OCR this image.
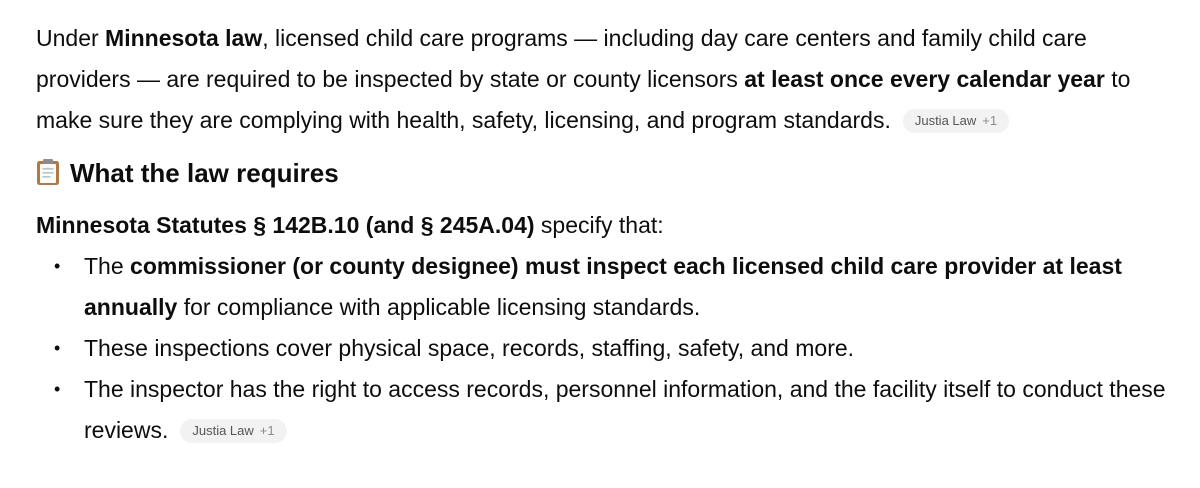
Under Minnesota law, licensed child care programs — including day care centers and family child care providers — are required to be inspected by state or county licensors at least once every calendar year to make sure they are complying with health, safety, licensing, and program standards. Justia Law +1

What the law requires

Minnesota Statutes § 142B.10 (and § 245A.04) specify that:

• The commissioner (or county designee) must inspect each licensed child care provider at least annually for compliance with applicable licensing standards.
• These inspections cover physical space, records, staffing, safety, and more.
• The inspector has the right to access records, personnel information, and the facility itself to conduct these reviews. Justia Law +1
